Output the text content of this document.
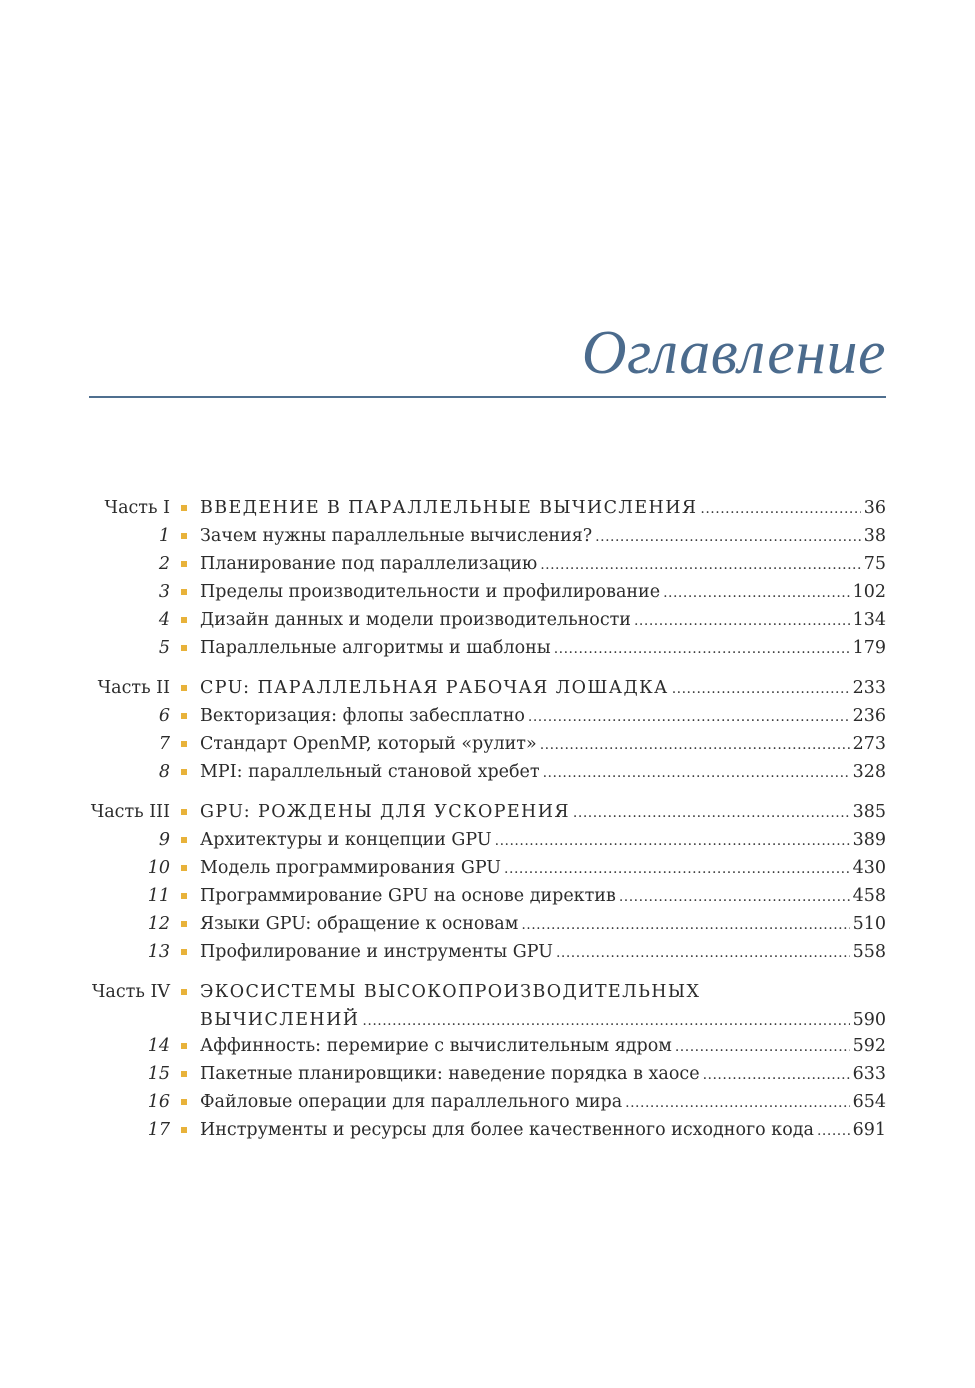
Оглавление
Часть I ВВЕДЕНИЕ В ПАРАЛЛЕЛЬНЫЕ ВЫЧИСЛЕНИЯ .....	36
1 Зачем нужны параллельные вычисления? .....	38
2 Планирование под параллелизацию .....	75
3 Пределы производительности и профилирование .....	102
4 Дизайн данных и модели производительности .....	134
5 Параллельные алгоритмы и шаблоны .....	179
Часть II CPU: ПАРАЛЛЕЛЬНАЯ РАБОЧАЯ ЛОШАДКА .....	233
6 Векторизация: флопы забесплатно .....	236
7 Стандарт OpenMP, который «рулит» .....	273
8 MPI: параллельный становой хребет .....	328
Часть III GPU: РОЖДЕНЫ ДЛЯ УСКОРЕНИЯ .....	385
9 Архитектуры и концепции GPU .....	389
10 Модель программирования GPU .....	430
11 Программирование GPU на основе директив .....	458
12 Языки GPU: обращение к основам .....	510
13 Профилирование и инструменты GPU .....	558
Часть IV ЭКОСИСТЕМЫ ВЫСОКОПРОИЗВОДИТЕЛЬНЫХ
ВЫЧИСЛЕНИЙ .....	590
14 Аффинность: перемирие с вычислительным ядром .....	592
15 Пакетные планировщики: наведение порядка в хаосе .....	633
16 Файловые операции для параллельного мира .....	654
17 Инструменты и ресурсы для более качественного исходного кода ..... 691
